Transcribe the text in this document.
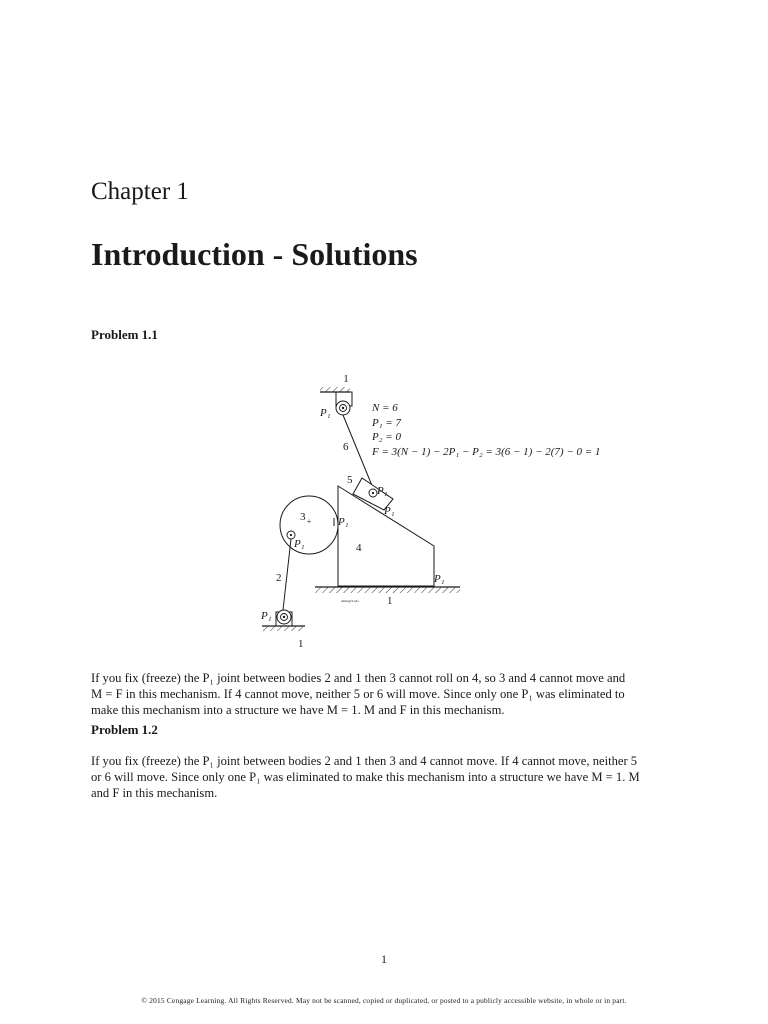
Chapter 1
Introduction - Solutions
Problem 1.1
1
P₁
6
N = 6
P₁ = 7
P₂ = 0
F = 3(N − 1) − 2P₁ − P₂ = 3(6 − 1) − 2(7) − 0 = 1
4
5
P₁
P₁
+
3	P₁
P₁
2
P₁
1
P₁
damsgf3.eds	1
If you fix (freeze) the P₁ joint between bodies 2 and 1 then 3 cannot roll on 4, so 3 and 4 cannot move and
M = F in this mechanism. If 4 cannot move, neither 5 or 6 will move. Since only one P₁ was eliminated to
make this mechanism into a structure we have M = 1. M and F in this mechanism.
Problem 1.2
If you fix (freeze) the P₁ joint between bodies 2 and 1 then 3 and 4 cannot move. If 4 cannot move, neither 5
or 6 will move. Since only one P₁ was eliminated to make this mechanism into a structure we have M = 1. M
and F in this mechanism.
1
© 2015 Cengage Learning. All Rights Reserved. May not be scanned, copied or duplicated, or posted to a publicly accessible website, in whole or in part.
